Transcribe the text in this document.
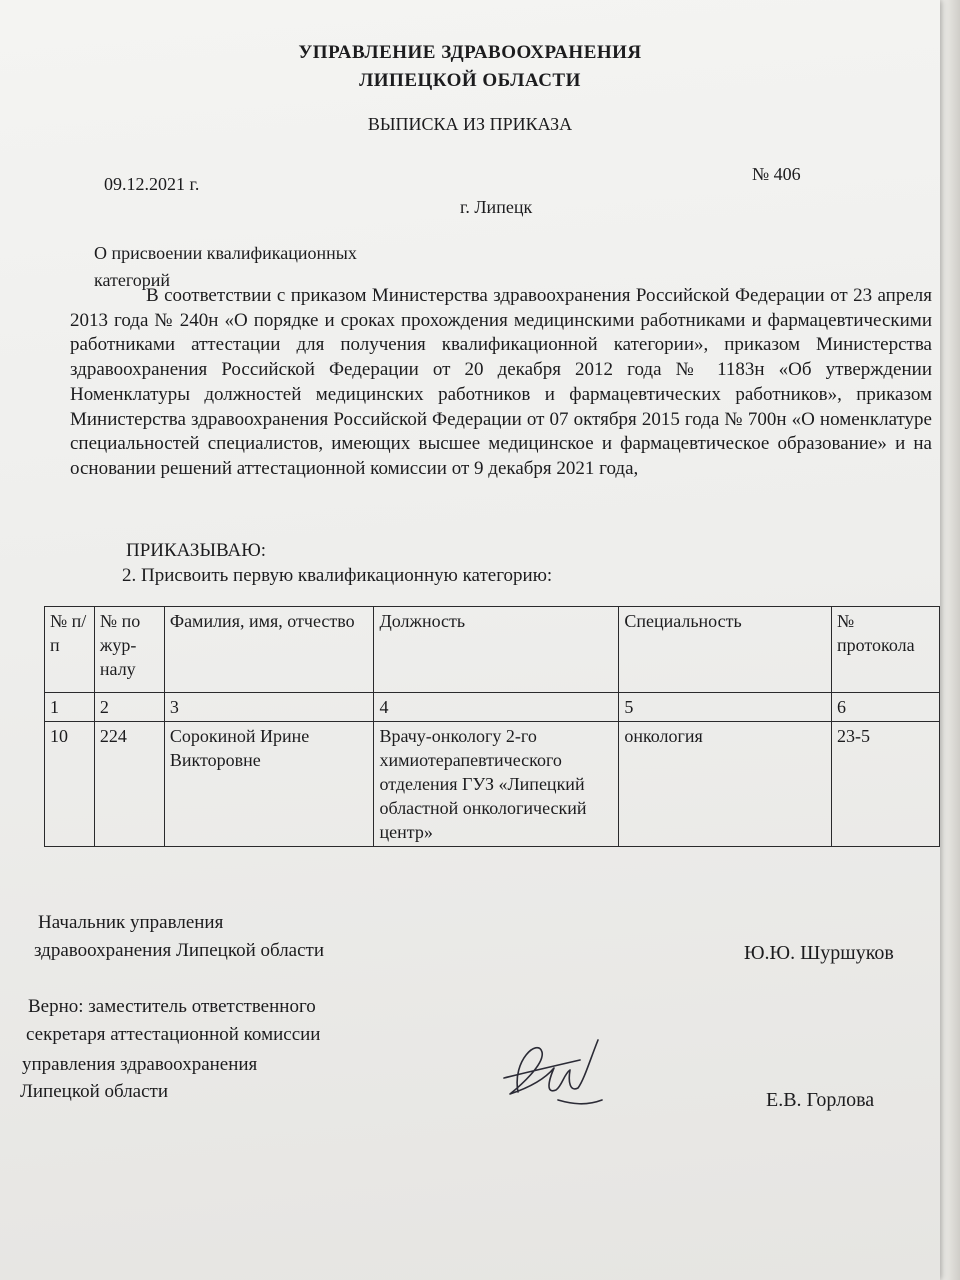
УПРАВЛЕНИЕ ЗДРАВООХРАНЕНИЯ
ЛИПЕЦКОЙ ОБЛАСТИ
ВЫПИСКА ИЗ ПРИКАЗА
09.12.2021 г.	№ 406
г. Липецк
О присвоении квалификационных
категорий
В соответствии с приказом Министерства здравоохранения Российской Федерации от 23 апреля 2013 года № 240н «О порядке и сроках прохождения медицинскими работниками и фармацевтическими работниками аттестации для получения квалификационной категории», приказом Министерства здравоохранения Российской Федерации от 20 декабря 2012 года № 1183н «Об утверждении Номенклатуры должностей медицинских работников и фармацевтических работников», приказом Министерства здравоохранения Российской Федерации от 07 октября 2015 года № 700н «О номенклатуре специальностей специалистов, имеющих высшее медицинское и фармацевтическое образование» и на основании решений аттестационной комиссии от 9 декабря 2021 года,
ПРИКАЗЫВАЮ:
2. Присвоить первую квалификационную категорию:
№ п/п	№ по жур-налу	Фамилия, имя, отчество	Должность	Специальность	№ протокола
1	2	3	4	5	6
10	224	Сорокиной Ирине Викторовне	Врачу-онкологу 2-го химиотерапевтического отделения ГУЗ «Липецкий областной онкологический центр»	онкология	23-5
Начальник управления
здравоохранения Липецкой области	Ю.Ю. Шуршуков
Верно: заместитель ответственного
секретаря аттестационной комиссии
управления здравоохранения
Липецкой области	Е.В. Горлова
